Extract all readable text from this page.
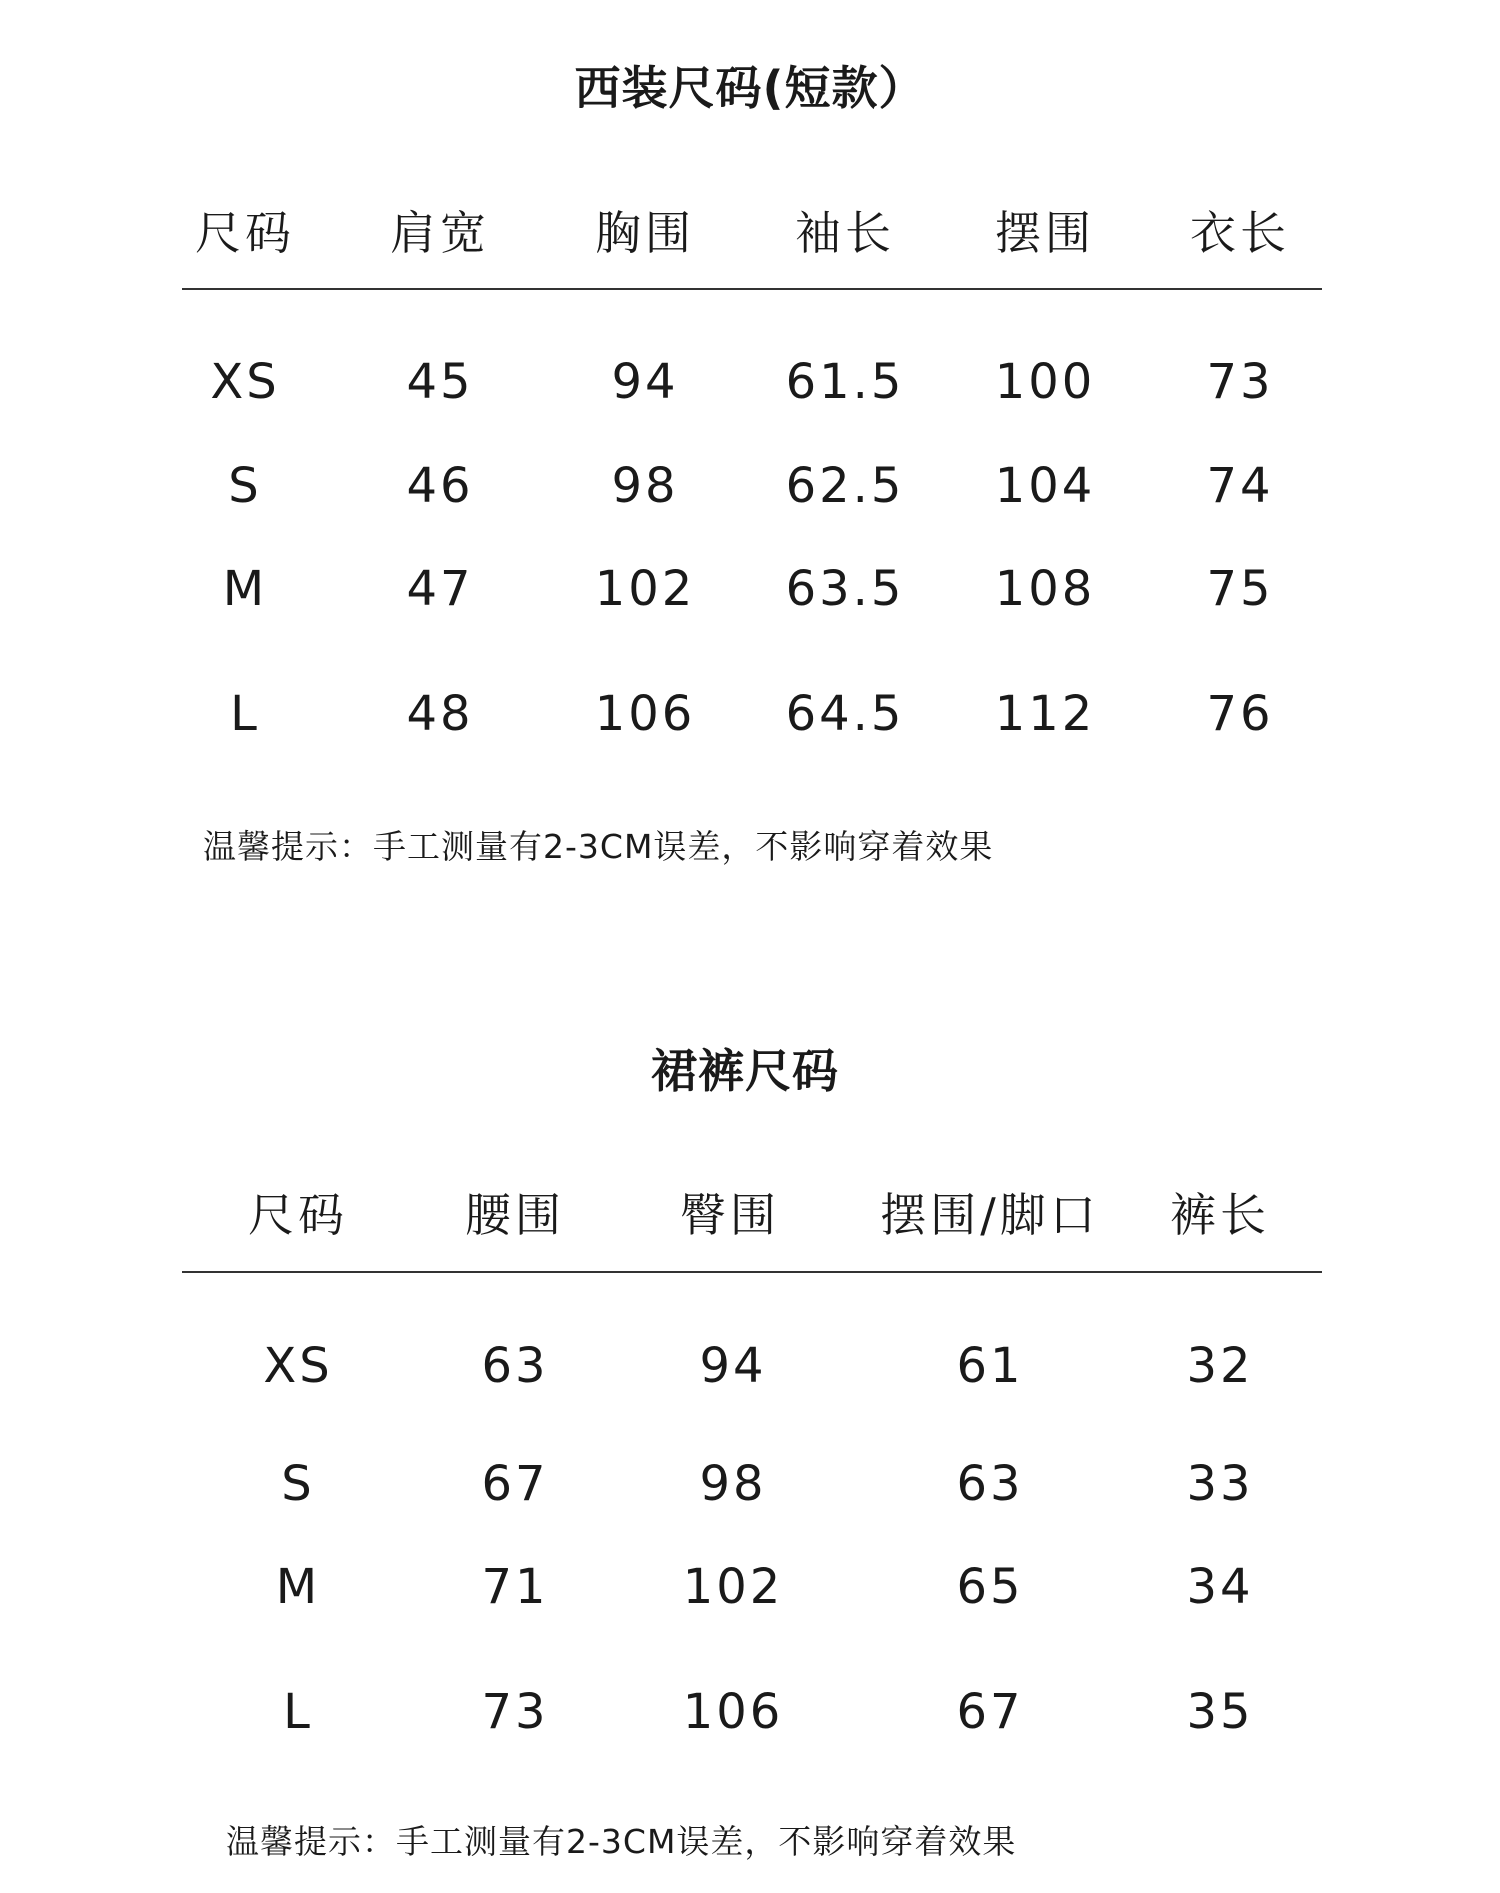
西装尺码(短款）
尺码	肩宽	胸围	袖长	摆围	衣长
XS	45	94	61.5	100	73
S	46	98	62.5	104	74
M	47	102	63.5	108	75
L	48	106	64.5	112	76
温馨提示：手工测量有2-3CM误差，不影响穿着效果
裙裤尺码
尺码	腰围	臀围	摆围/脚口	裤长
XS	63	94	61	32
S	67	98	63	33
M	71	102	65	34
L	73	106	67	35
温馨提示：手工测量有2-3CM误差，不影响穿着效果
